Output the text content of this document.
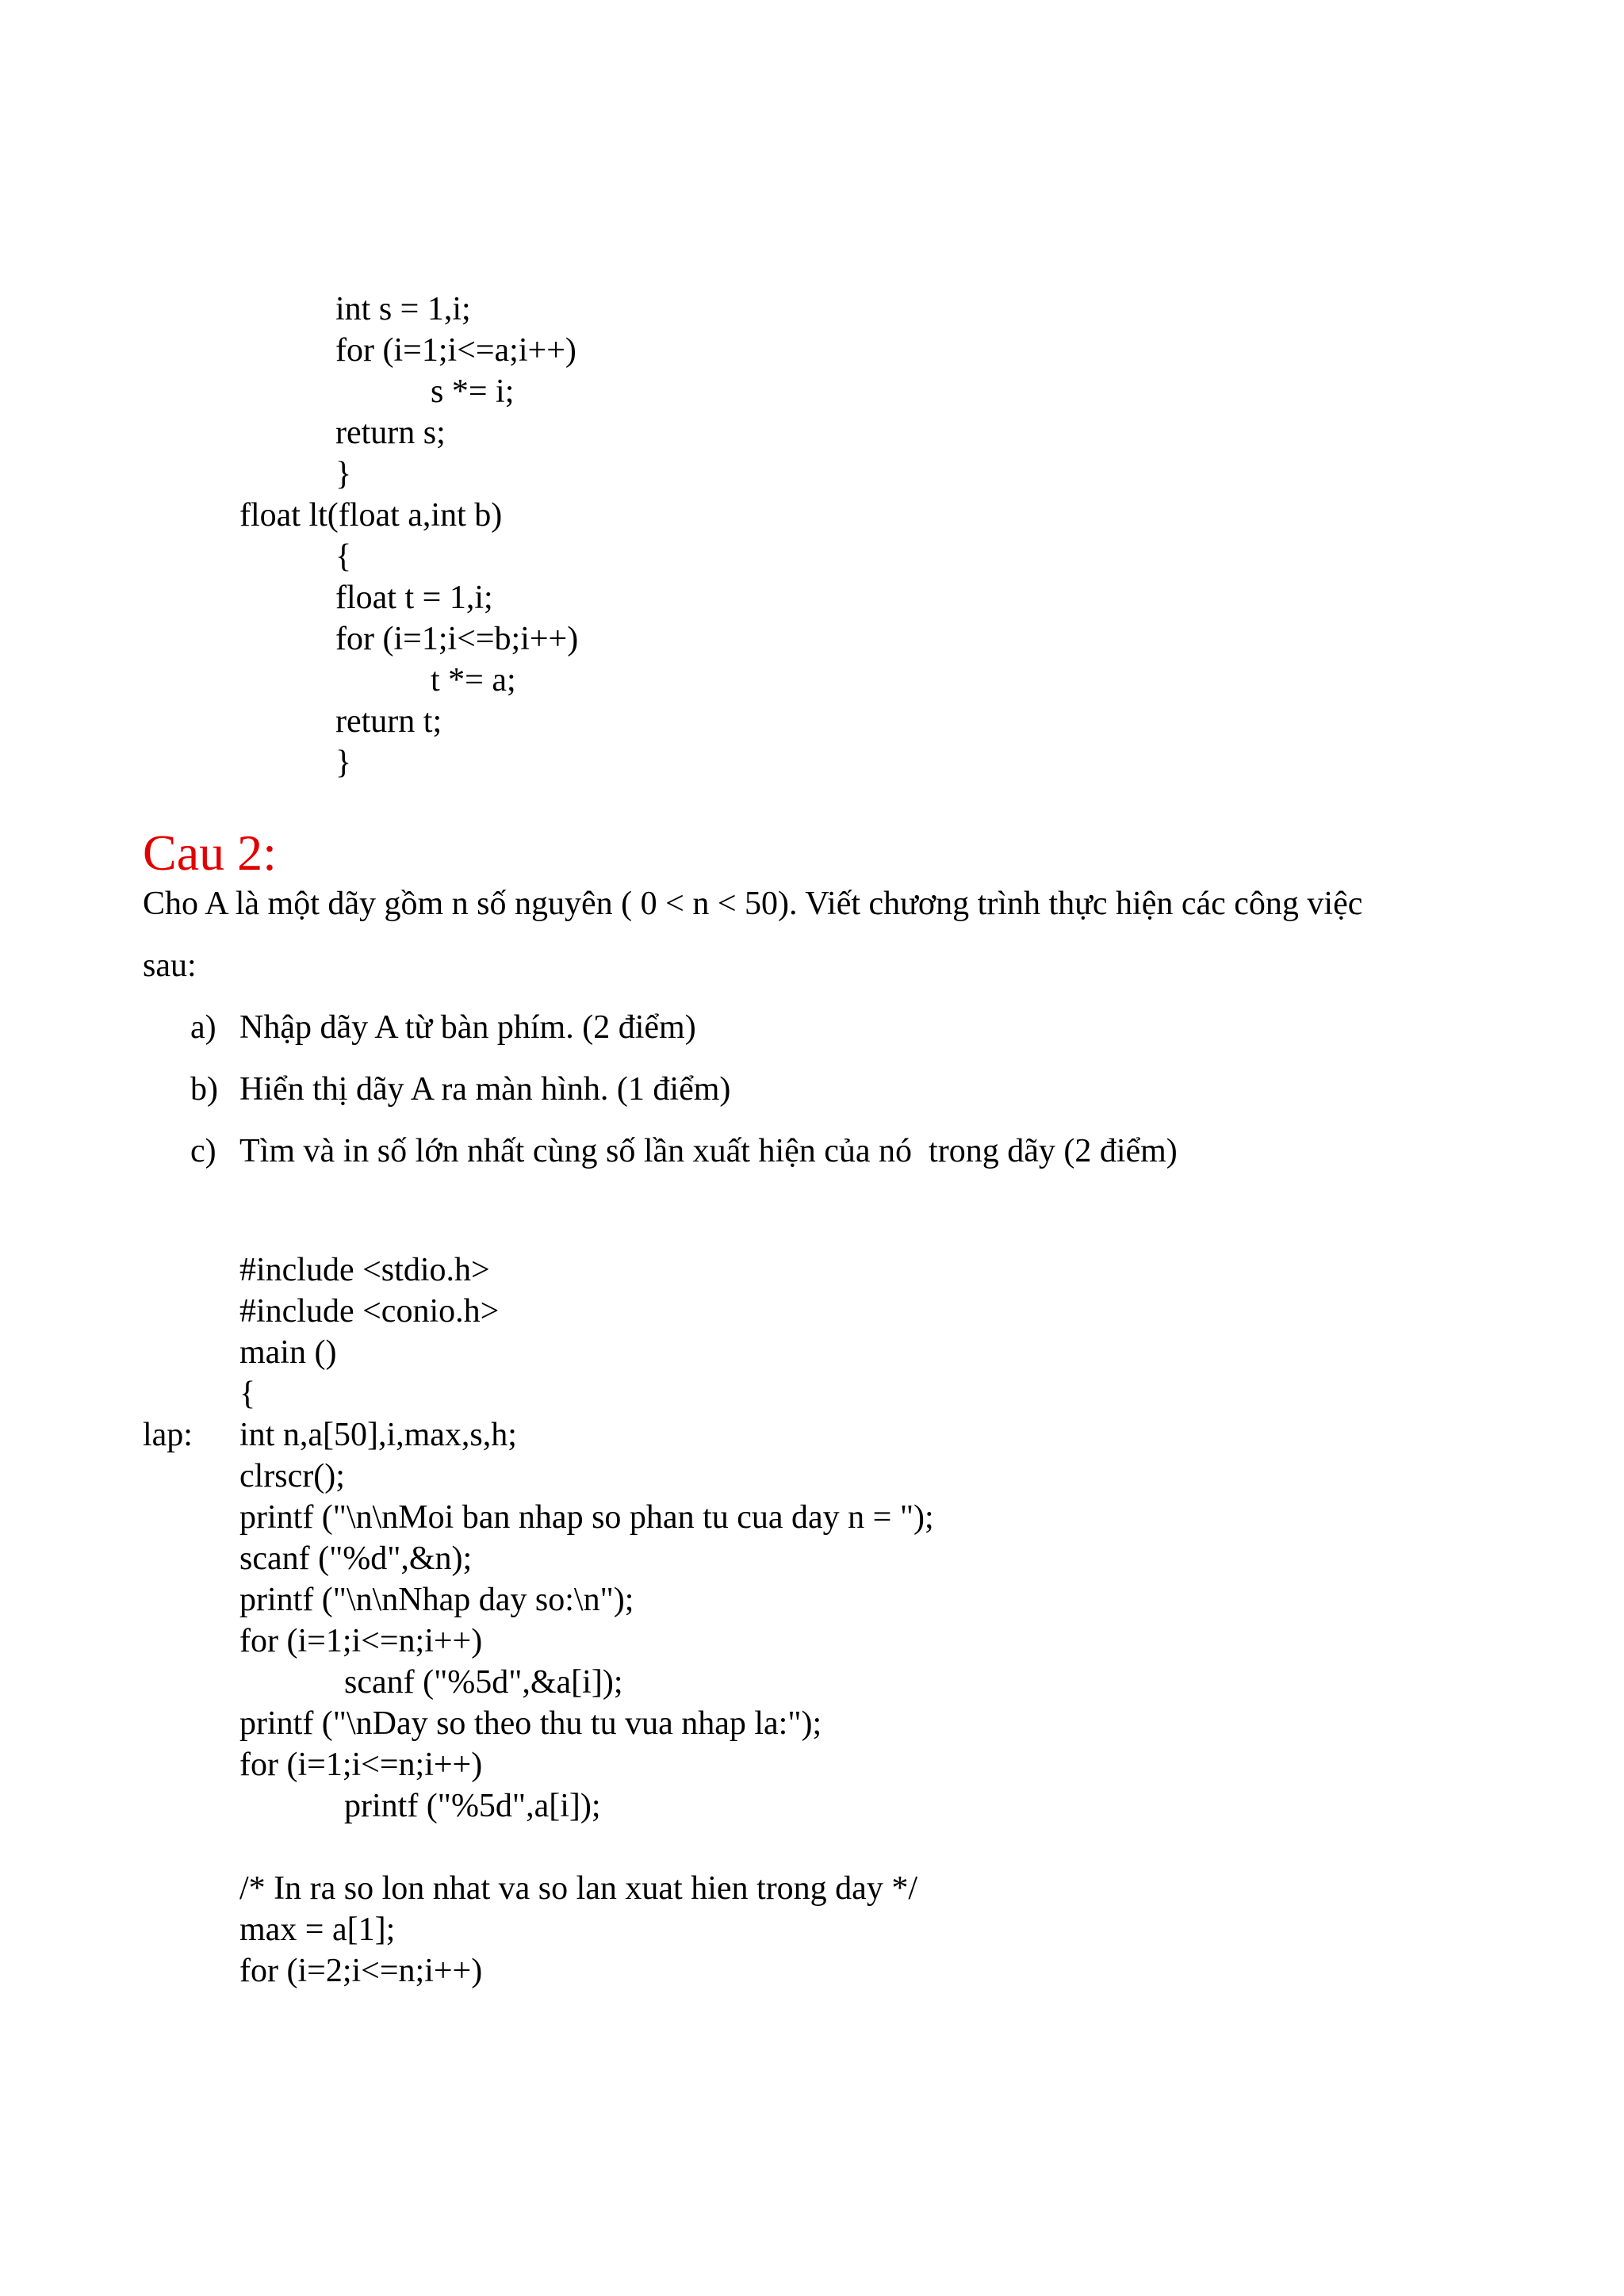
int s = 1,i;
for (i=1;i<=a;i++)
s *= i;
return s;
}
float lt(float a,int b)
{
float t = 1,i;
for (i=1;i<=b;i++)
t *= a;
return t;
}
Cau 2:
Cho A là một dãy gồm n số nguyên ( 0 < n < 50). Viết chương trình thực hiện các công việc
sau:
a) Nhập dãy A từ bàn phím. (2 điểm)
b) Hiển thị dãy A ra màn hình. (1 điểm)
c) Tìm và in số lớn nhất cùng số lần xuất hiện của nó  trong dãy (2 điểm)
#include <stdio.h>
#include <conio.h>
main ()
{
lap: int n,a[50],i,max,s,h;
clrscr();
printf ("\n\nMoi ban nhap so phan tu cua day n = ");
scanf ("%d",&n);
printf ("\n\nNhap day so:\n");
for (i=1;i<=n;i++)
scanf ("%5d",&a[i]);
printf ("\nDay so theo thu tu vua nhap la:");
for (i=1;i<=n;i++)
printf ("%5d",a[i]);
/* In ra so lon nhat va so lan xuat hien trong day */
max = a[1];
for (i=2;i<=n;i++)
